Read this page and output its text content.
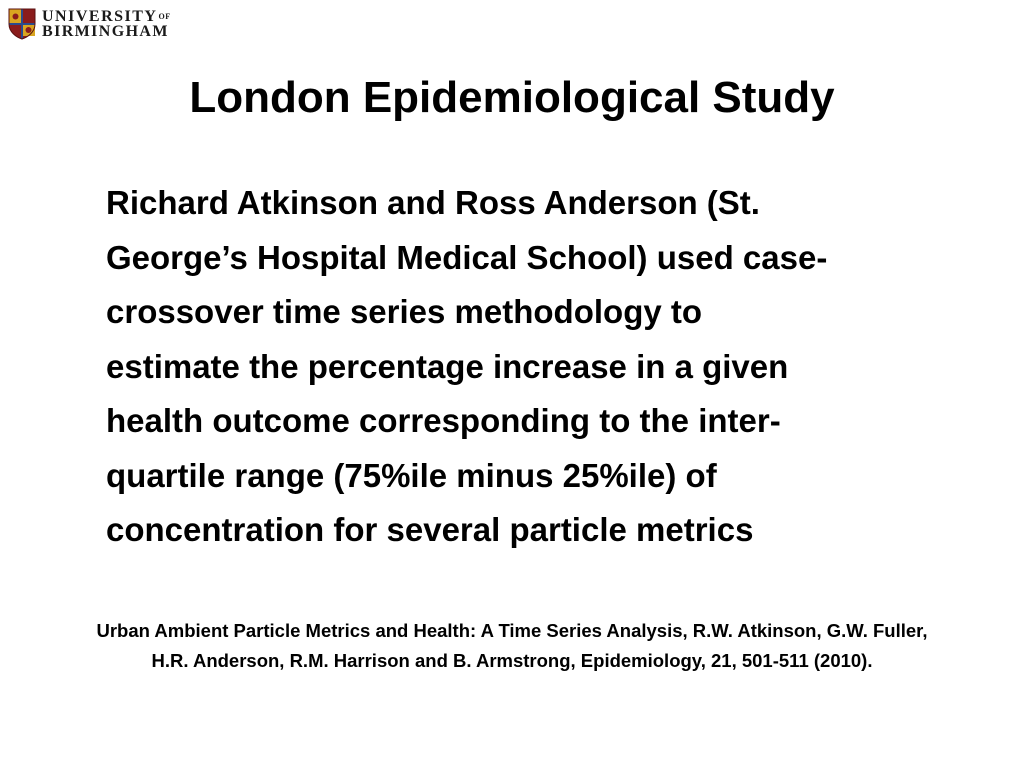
$UNIVERSITY^{OF}$
BIRMINGHAM
London Epidemiological Study
Richard Atkinson and Ross Anderson (St.
George’s Hospital Medical School) used case-
crossover time series methodology to
estimate the percentage increase in a given
health outcome corresponding to the inter-
quartile range (75%ile minus 25%ile) of
concentration for several particle metrics
Urban Ambient Particle Metrics and Health: A Time Series Analysis, R.W. Atkinson, G.W. Fuller,
H.R. Anderson, R.M. Harrison and B. Armstrong, Epidemiology, 21, 501-511 (2010).
